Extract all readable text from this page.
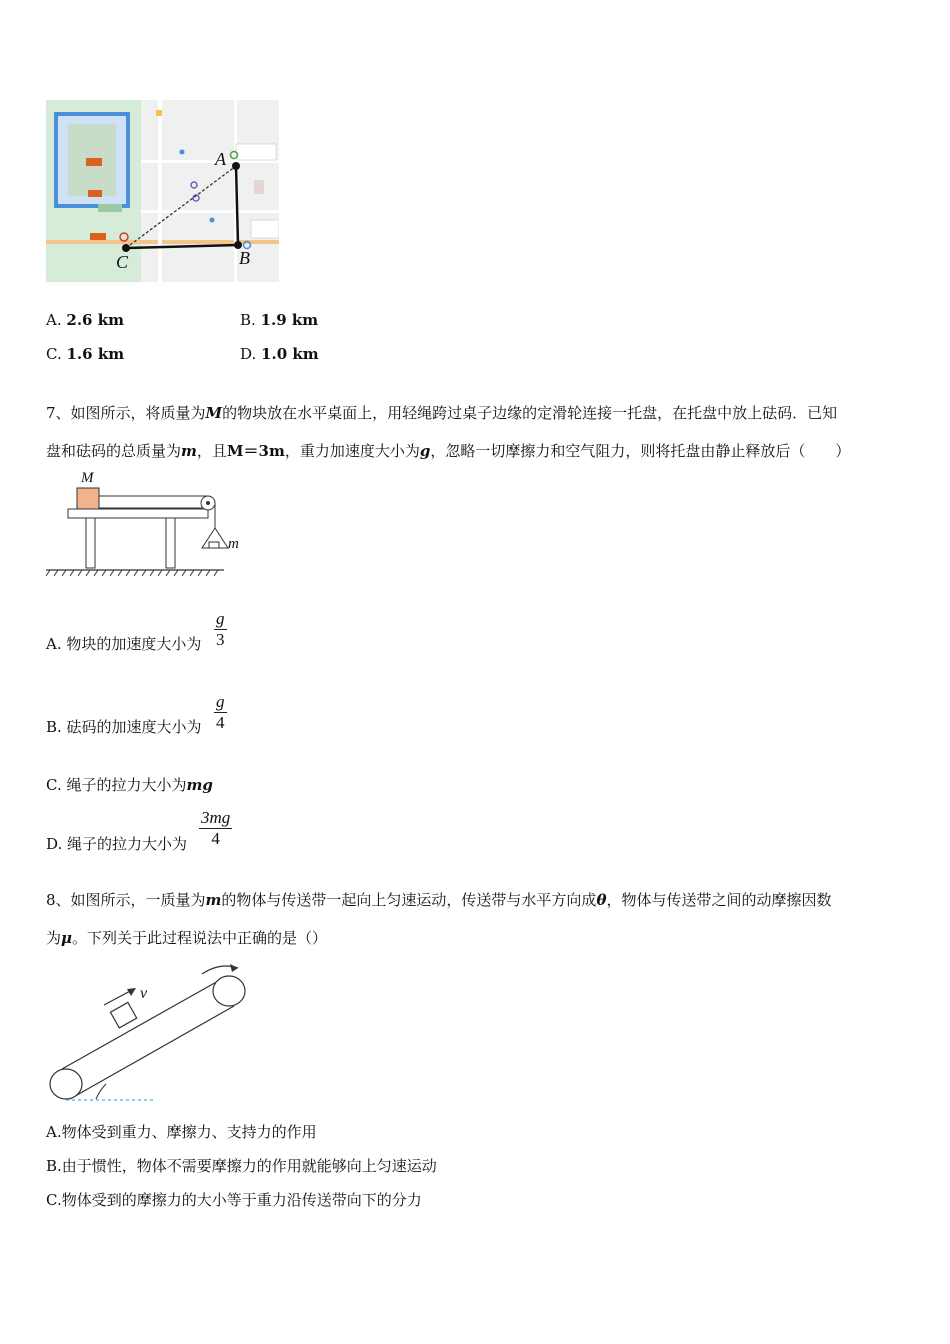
A
B
C
A. 2.6 km	B. 1.9 km
C. 1.6 km	D. 1.0 km
7、如图所示，将质量为M的物块放在水平桌面上，用轻绳跨过桌子边缘的定滑轮连接一托盘，在托盘中放上砝码．已知
盘和砝码的总质量为m，且M＝3m，重力加速度大小为g，忽略一切摩擦力和空气阻力，则将托盘由静止释放后（　　）
M
m
A. 物块的加速度大小为 $\frac{g}{3}$
B. 砝码的加速度大小为 $\frac{g}{4}$
C. 绳子的拉力大小为mg
D. 绳子的拉力大小为 $\frac{3mg}{4}$
8、如图所示，一质量为m的物体与传送带一起向上匀速运动，传送带与水平方向成θ，物体与传送带之间的动摩擦因数
为μ。下列关于此过程说法中正确的是（）
v
A.物体受到重力、摩擦力、支持力的作用
B.由于惯性，物体不需要摩擦力的作用就能够向上匀速运动
C.物体受到的摩擦力的大小等于重力沿传送带向下的分力
